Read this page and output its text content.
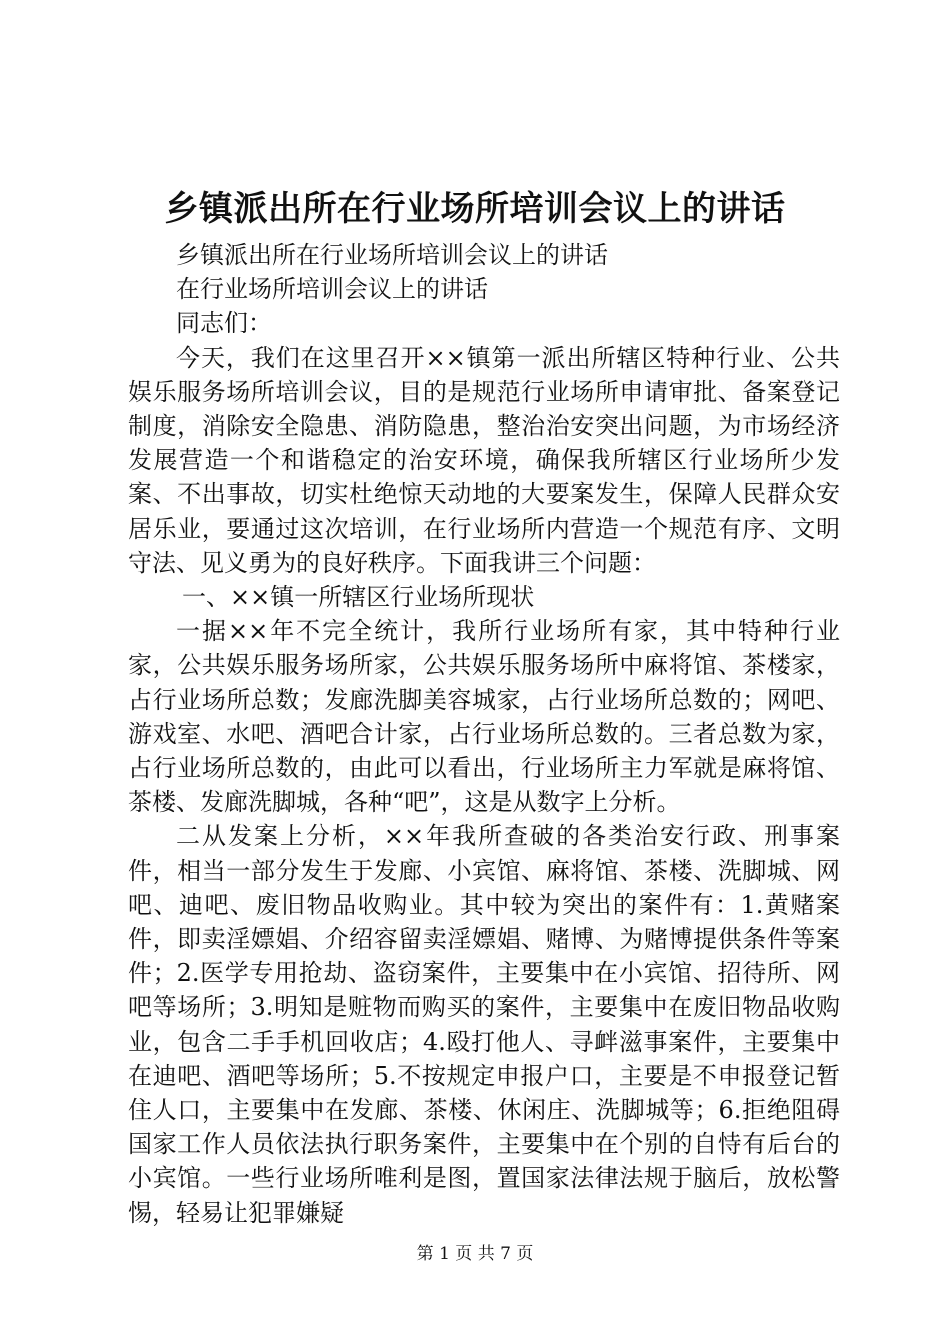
乡镇派出所在行业场所培训会议上的讲话

乡镇派出所在行业场所培训会议上的讲话

在行业场所培训会议上的讲话

同志们：

今天，我们在这里召开××镇第一派出所辖区特种行业、公共娱乐服务场所培训会议，目的是规范行业场所申请审批、备案登记制度，消除安全隐患、消防隐患，整治治安突出问题，为市场经济发展营造一个和谐稳定的治安环境，确保我所辖区行业场所少发案、不出事故，切实杜绝惊天动地的大要案发生，保障人民群众安居乐业，要通过这次培训，在行业场所内营造一个规范有序、文明守法、见义勇为的良好秩序。下面我讲三个问题：

一、××镇一所辖区行业场所现状

一据××年不完全统计，我所行业场所有家，其中特种行业家，公共娱乐服务场所家，公共娱乐服务场所中麻将馆、茶楼家，占行业场所总数；发廊洗脚美容城家，占行业场所总数的；网吧、游戏室、水吧、酒吧合计家，占行业场所总数的。三者总数为家，占行业场所总数的，由此可以看出，行业场所主力军就是麻将馆、茶楼、发廊洗脚城，各种“吧”，这是从数字上分析。

二从发案上分析，××年我所查破的各类治安行政、刑事案件，相当一部分发生于发廊、小宾馆、麻将馆、茶楼、洗脚城、网吧、迪吧、废旧物品收购业。其中较为突出的案件有：1.黄赌案件，即卖淫嫖娼、介绍容留卖淫嫖娼、赌博、为赌博提供条件等案件；2.医学专用抢劫、盗窃案件，主要集中在小宾馆、招待所、网吧等场所；3.明知是赃物而购买的案件，主要集中在废旧物品收购业，包含二手手机回收店；4.殴打他人、寻衅滋事案件，主要集中在迪吧、酒吧等场所；5.不按规定申报户口，主要是不申报登记暂住人口，主要集中在发廊、茶楼、休闲庄、洗脚城等；6.拒绝阻碍国家工作人员依法执行职务案件，主要集中在个别的自恃有后台的小宾馆。一些行业场所唯利是图，置国家法律法规于脑后，放松警惕，轻易让犯罪嫌疑

第 1 页 共 7 页
